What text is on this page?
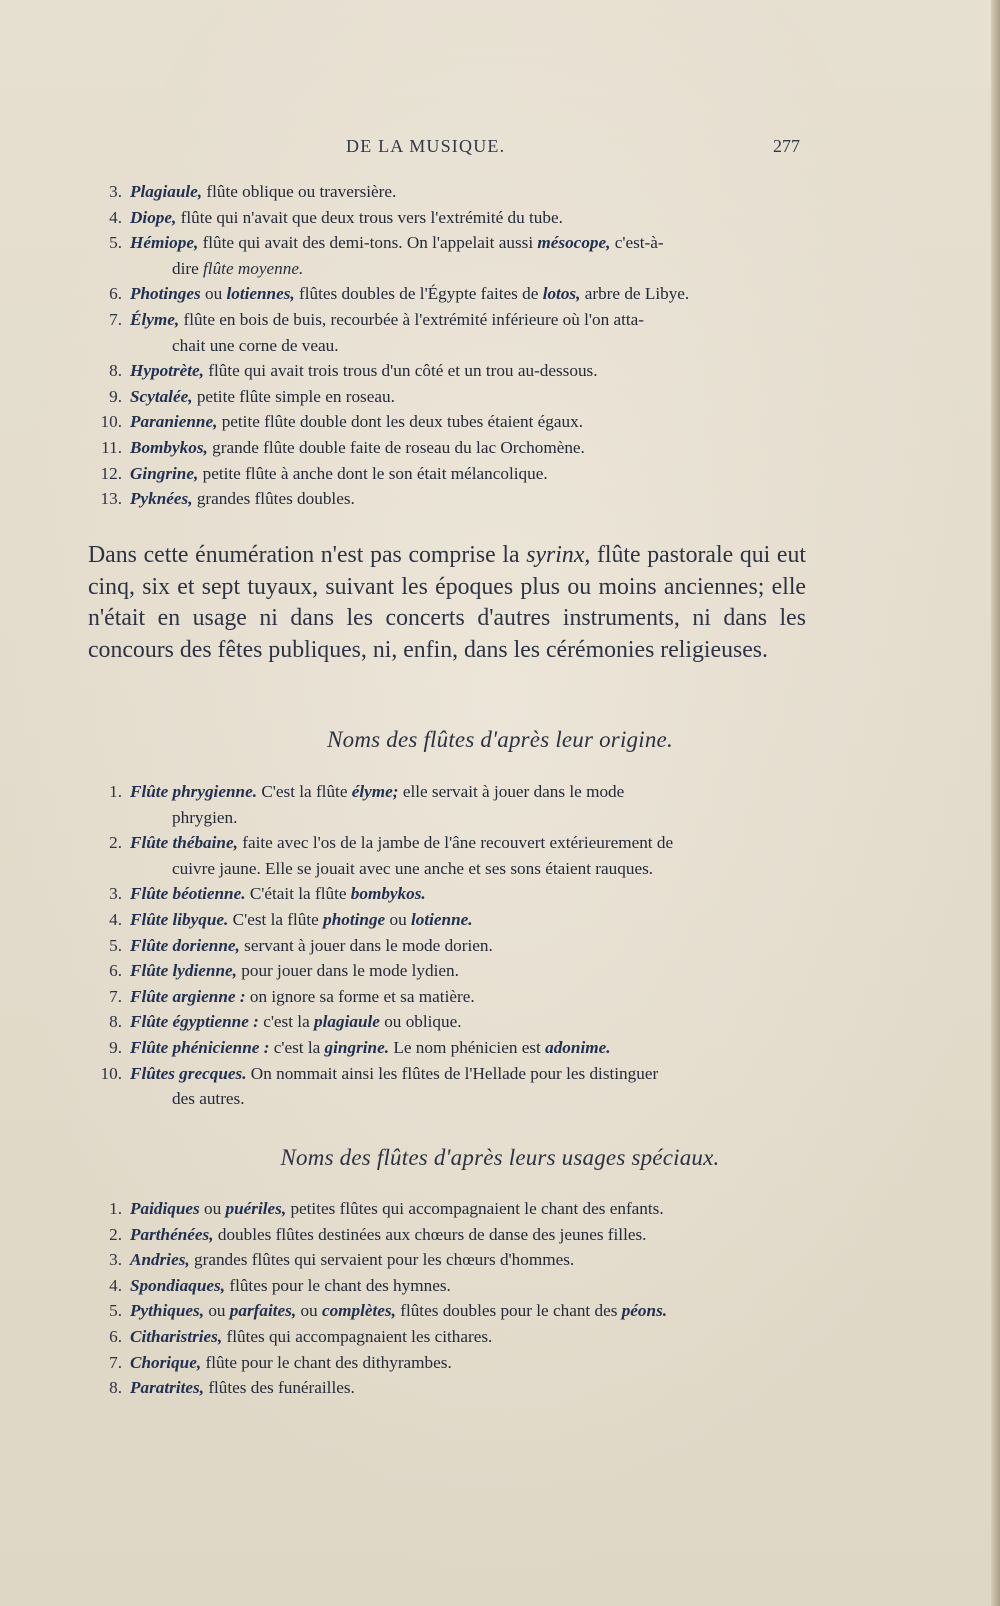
DE LA MUSIQUE.	277
3. Plagiaule, flûte oblique ou traversière.
4. Diope, flûte qui n'avait que deux trous vers l'extrémité du tube.
5. Hémiope, flûte qui avait des demi-tons. On l'appelait aussi mésocope, c'est-à-
dire flûte moyenne.
6. Photinges ou lotiennes, flûtes doubles de l'Égypte faites de lotos, arbre de Libye.
7. Élyme, flûte en bois de buis, recourbée à l'extrémité inférieure où l'on atta-
chait une corne de veau.
8. Hypotrète, flûte qui avait trois trous d'un côté et un trou au-dessous.
9. Scytalée, petite flûte simple en roseau.
10. Paranienne, petite flûte double dont les deux tubes étaient égaux.
11. Bombykos, grande flûte double faite de roseau du lac Orchomène.
12. Gingrine, petite flûte à anche dont le son était mélancolique.
13. Pyknées, grandes flûtes doubles.

Dans cette énumération n'est pas comprise la syrinx, flûte pastorale qui eut cinq, six et sept tuyaux, suivant les époques plus ou moins anciennes; elle n'était en usage ni dans les concerts d'autres instruments, ni dans les concours des fêtes publiques, ni, enfin, dans les cérémonies religieuses.

Noms des flûtes d'après leur origine.
1. Flûte phrygienne. C'est la flûte élyme; elle servait à jouer dans le mode
phrygien.
2. Flûte thébaine, faite avec l'os de la jambe de l'âne recouvert extérieurement de
cuivre jaune. Elle se jouait avec une anche et ses sons étaient rauques.
3. Flûte béotienne. C'était la flûte bombykos.
4. Flûte libyque. C'est la flûte photinge ou lotienne.
5. Flûte dorienne, servant à jouer dans le mode dorien.
6. Flûte lydienne, pour jouer dans le mode lydien.
7. Flûte argienne : on ignore sa forme et sa matière.
8. Flûte égyptienne : c'est la plagiaule ou oblique.
9. Flûte phénicienne : c'est la gingrine. Le nom phénicien est adonime.
10. Flûtes grecques. On nommait ainsi les flûtes de l'Hellade pour les distinguer
des autres.
Noms des flûtes d'après leurs usages spéciaux.
1. Paidiques ou puériles, petites flûtes qui accompagnaient le chant des enfants.
2. Parthénées, doubles flûtes destinées aux chœurs de danse des jeunes filles.
3. Andries, grandes flûtes qui servaient pour les chœurs d'hommes.
4. Spondiaques, flûtes pour le chant des hymnes.
5. Pythiques, ou parfaites, ou complètes, flûtes doubles pour le chant des péons.
6. Citharistries, flûtes qui accompagnaient les cithares.
7. Chorique, flûte pour le chant des dithyrambes.
8. Paratrites, flûtes des funérailles.
